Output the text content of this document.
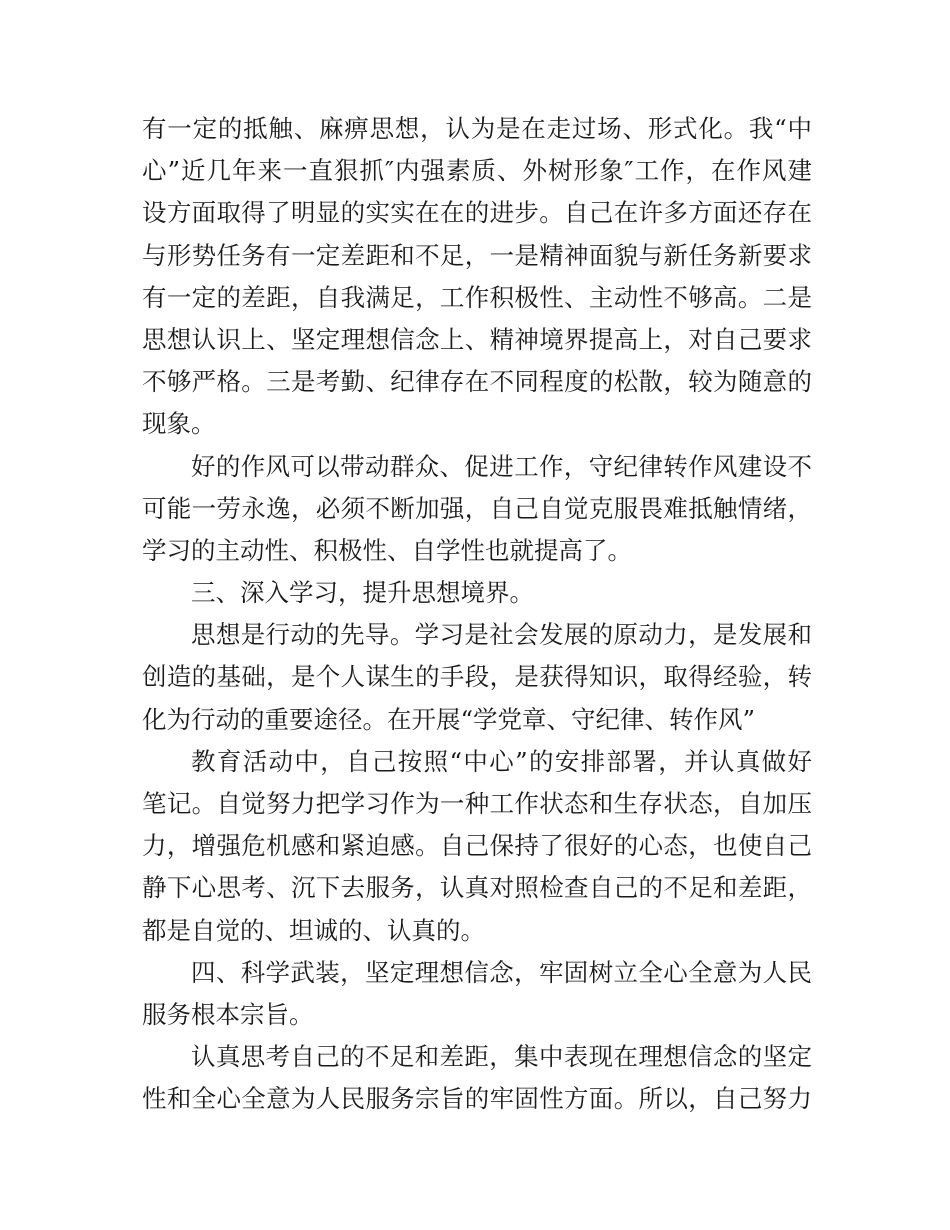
有一定的抵触、麻痹思想，认为是在走过场、形式化。我“中
心”近几年来一直狠抓″内强素质、外树形象″工作，在作风建
设方面取得了明显的实实在在的进步。自己在许多方面还存在
与形势任务有一定差距和不足，一是精神面貌与新任务新要求
有一定的差距，自我满足，工作积极性、主动性不够高。二是
思想认识上、坚定理想信念上、精神境界提高上，对自己要求
不够严格。三是考勤、纪律存在不同程度的松散，较为随意的
现象。
好的作风可以带动群众、促进工作，守纪律转作风建设不
可能一劳永逸，必须不断加强，自己自觉克服畏难抵触情绪，
学习的主动性、积极性、自学性也就提高了。
三、深入学习，提升思想境界。
思想是行动的先导。学习是社会发展的原动力，是发展和
创造的基础，是个人谋生的手段，是获得知识，取得经验，转
化为行动的重要途径。在开展“学党章、守纪律、转作风”
教育活动中，自己按照“中心”的安排部署，并认真做好
笔记。自觉努力把学习作为一种工作状态和生存状态，自加压
力，增强危机感和紧迫感。自己保持了很好的心态，也使自己
静下心思考、沉下去服务，认真对照检查自己的不足和差距，
都是自觉的、坦诚的、认真的。
四、科学武装，坚定理想信念，牢固树立全心全意为人民
服务根本宗旨。
认真思考自己的不足和差距，集中表现在理想信念的坚定
性和全心全意为人民服务宗旨的牢固性方面。所以，自己努力
